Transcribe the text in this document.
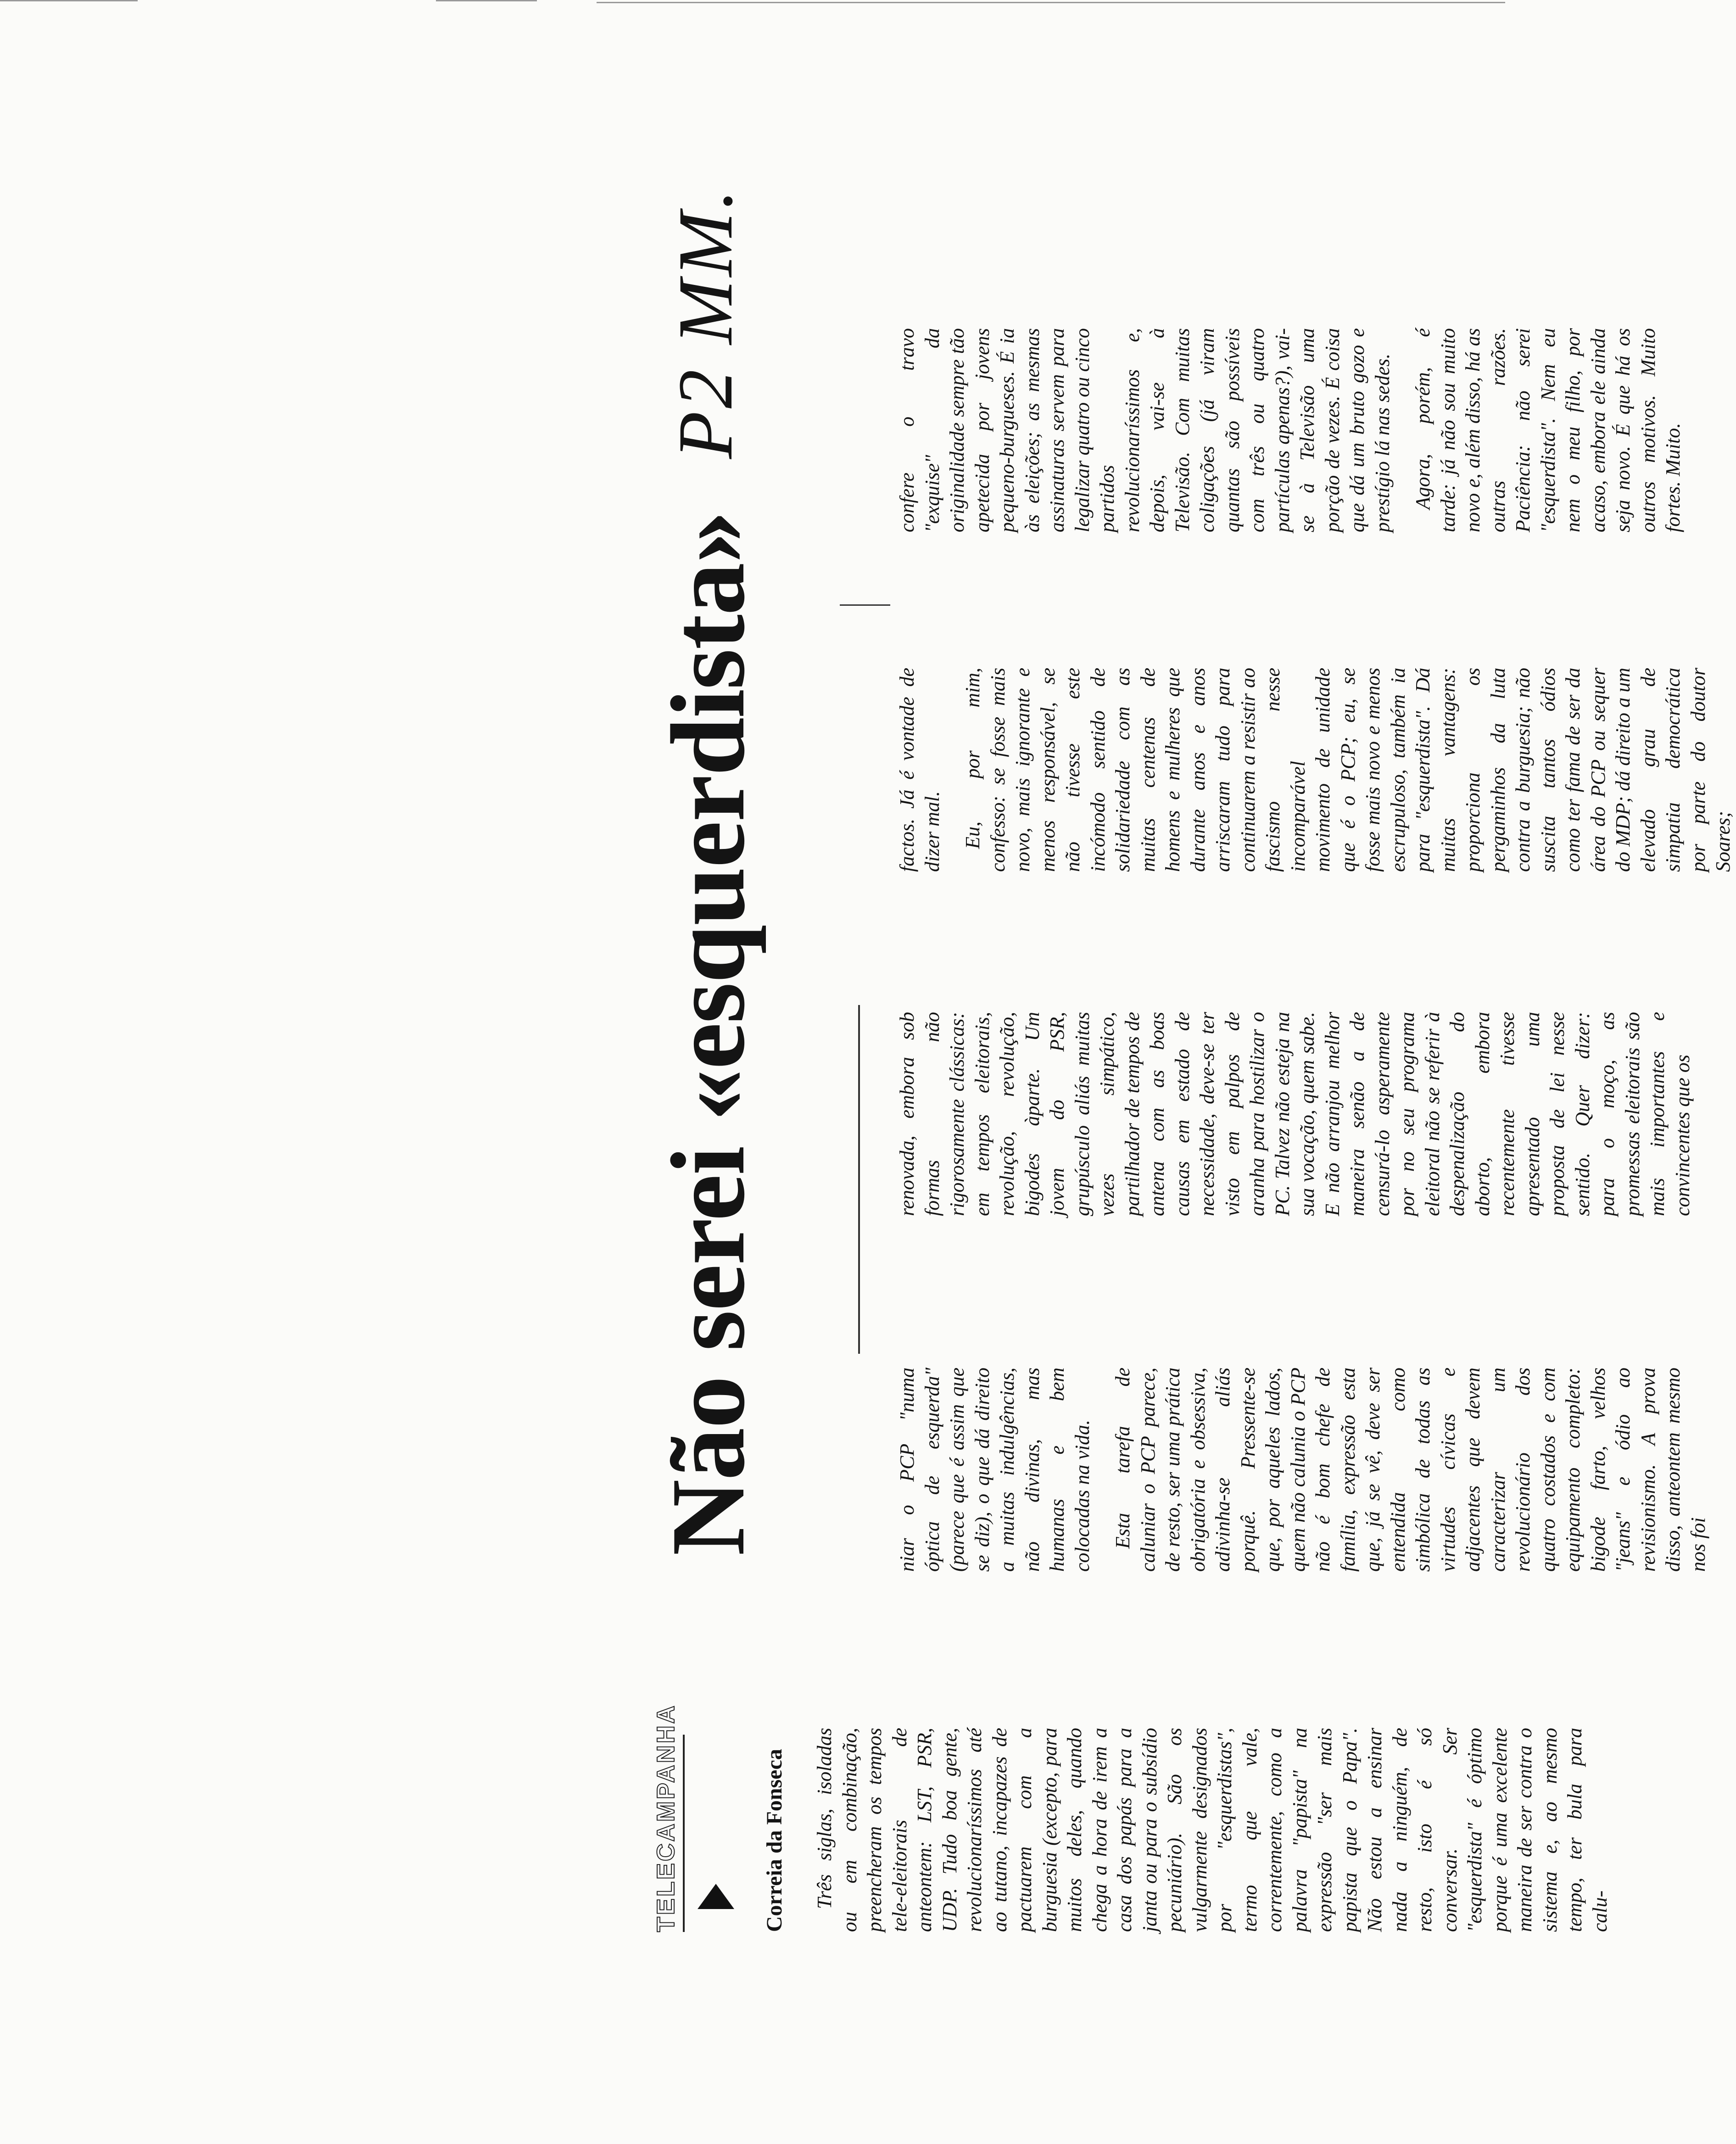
TELECAMPANHA	Correia da Fonseca
Não serei «esquerdista»
P2 MM.

Três siglas, isoladas ou em combinação, preencheram os tempos tele-eleitorais de anteontem: LST, PSR, UDP. Tudo boa gente, revolucionaríssimos até ao tutano, incapazes de pactuarem com a burguesia (excepto, para muitos deles, quando chega a hora de irem a casa dos papás para a janta ou para o subsídio pecuniário). São os vulgarmente designados por "esquerdistas", termo que vale, correntemente, como a palavra "papista" na expressão "ser mais papista que o Papa". Não estou a ensinar nada a ninguém, de resto, isto é só conversar. Ser "esquerdista" é óptimo porque é uma excelente maneira de ser contra o sistema e, ao mesmo tempo, ter bula para calu-

niar o PCP "numa óptica de esquerda" (parece que é assim que se diz), o que dá direito a muitas indulgências, não divinas, mas humanas e bem colocadas na vida. Esta tarefa de caluniar o PCP parece, de resto, ser uma prática obrigatória e obsessiva, adivinha-se aliás porquê. Pressente-se que, por aqueles lados, quem não calunia o PCP não é bom chefe de família, expressão esta que, já se vê, deve ser entendida como simbólica de todas as virtudes cívicas e adjacentes que devem caracterizar um revolucionário dos quatro costados e com equipamento completo: bigode farto, velhos "jeans" e ódio ao revisionismo. A prova disso, anteontem mesmo nos foi

renovada, embora sob formas não rigorosamente clássicas: em tempos eleitorais, revolução, revolução, bigodes àparte. Um jovem do PSR, grupúsculo aliás muitas vezes simpático, partilhador de tempos de antena com as boas causas em estado de necessidade, deve-se ter visto em palpos de aranha para hostilizar o PC. Talvez não esteja na sua vocação, quem sabe. E não arranjou melhor maneira senão a de censurá-lo asperamente por no seu programa eleitoral não se referir à despenalização do aborto, embora recentemente tivesse apresentado uma proposta de lei nesse sentido. Quer dizer: para o moço, as promessas eleitorais são mais importantes e convincentes que os

factos. Já é vontade de dizer mal. Eu, por mim, confesso: se fosse mais novo, mais ignorante e menos responsável, se não tivesse este incómodo sentido de solidariedade com as muitas centenas de homens e mulheres que durante anos e anos arriscaram tudo para continuarem a resistir ao fascismo nesse incomparável movimento de unidade que é o PCP; eu, se fosse mais novo e menos escrupuloso, também ia para "esquerdista". Dá muitas vantagens: proporciona os pergaminhos da luta contra a burguesia; não suscita tantos ódios como ter fama de ser da área do PCP ou sequer do MDP; dá direito a um elevado grau de simpatia democrática por parte do doutor Soares;

confere o travo "exquise" da originalidade sempre tão apetecida por jovens pequeno-burgueses. É ia às eleições; as mesmas assinaturas servem para legalizar quatro ou cinco partidos revolucionaríssimos e, depois, vai-se à Televisão. Com muitas coligações (já viram quantas são possíveis com três ou quatro partículas apenas?), vai-se à Televisão uma porção de vezes. É coisa que dá um bruto gozo e prestígio lá nas sedes. Agora, porém, é tarde: já não sou muito novo e, além disso, há as outras razões. Paciência: não serei "esquerdista". Nem eu nem o meu filho, por acaso, embora ele ainda seja novo. É que há os outros motivos. Muito fortes. Muito.
